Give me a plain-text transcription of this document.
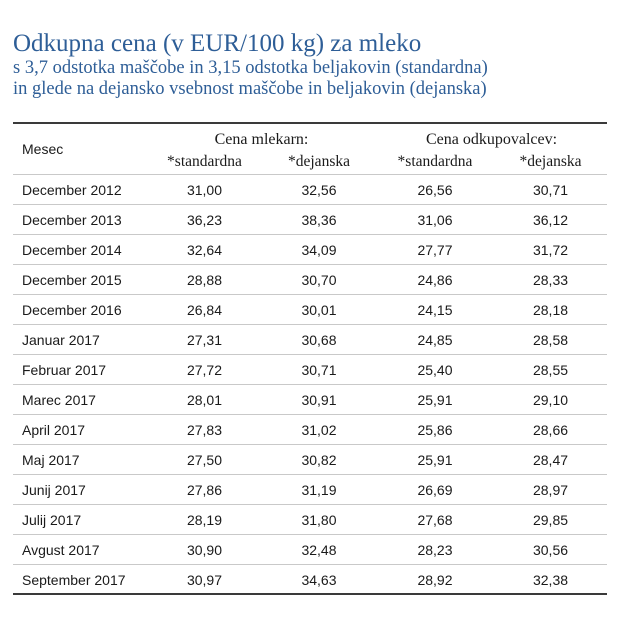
Odkupna cena (v EUR/100 kg) za mleko
s 3,7 odstotka maščobe in 3,15 odstotka beljakovin (standardna)
in glede na dejansko vsebnost maščobe in beljakovin (dejanska)
Mesec	Cena mlekarn:		Cena odkupovalcev:	
	*standardna	*dejanska	*standardna	*dejanska
December 2012	31,00	32,56	26,56	30,71
December 2013	36,23	38,36	31,06	36,12
December 2014	32,64	34,09	27,77	31,72
December 2015	28,88	30,70	24,86	28,33
December 2016	26,84	30,01	24,15	28,18
Januar 2017	27,31	30,68	24,85	28,58
Februar 2017	27,72	30,71	25,40	28,55
Marec 2017	28,01	30,91	25,91	29,10
April 2017	27,83	31,02	25,86	28,66
Maj 2017	27,50	30,82	25,91	28,47
Junij 2017	27,86	31,19	26,69	28,97
Julij 2017	28,19	31,80	27,68	29,85
Avgust 2017	30,90	32,48	28,23	30,56
September 2017	30,97	34,63	28,92	32,38
